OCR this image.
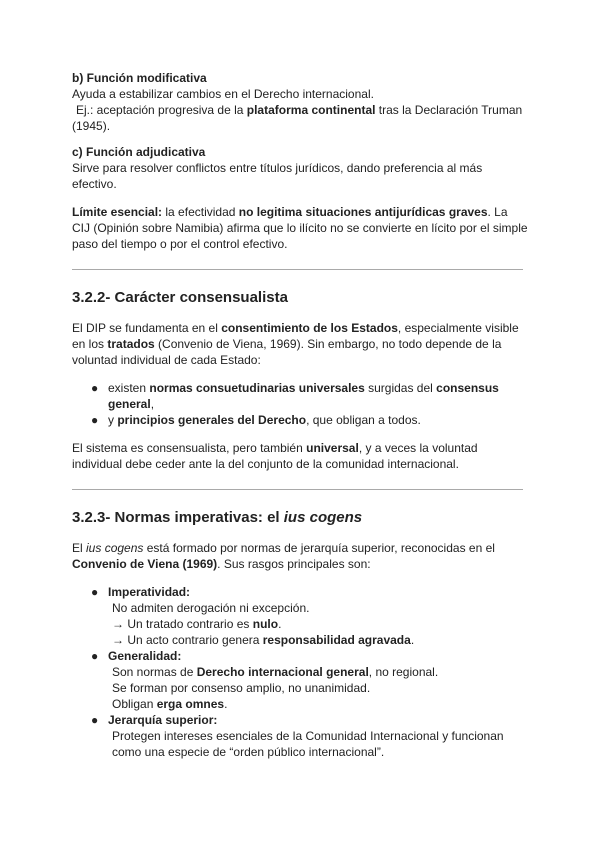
b) Función modificativa
Ayuda a estabilizar cambios en el Derecho internacional.
Ej.: aceptación progresiva de la plataforma continental tras la Declaración Truman
(1945).
c) Función adjudicativa
Sirve para resolver conflictos entre títulos jurídicos, dando preferencia al más efectivo.
Límite esencial: la efectividad no legitima situaciones antijurídicas graves. La CIJ (Opinión sobre Namibia) afirma que lo ilícito no se convierte en lícito por el simple paso del tiempo o por el control efectivo.
3.2.2- Carácter consensualista
El DIP se fundamenta en el consentimiento de los Estados, especialmente visible en los tratados (Convenio de Viena, 1969). Sin embargo, no todo depende de la voluntad individual de cada Estado:
● existen normas consuetudinarias universales surgidas del consensus general,
● y principios generales del Derecho, que obligan a todos.
El sistema es consensualista, pero también universal, y a veces la voluntad individual debe ceder ante la del conjunto de la comunidad internacional.
3.2.3- Normas imperativas: el ius cogens
El ius cogens está formado por normas de jerarquía superior, reconocidas en el Convenio de Viena (1969). Sus rasgos principales son:
● Imperatividad:
No admiten derogación ni excepción.
→ Un tratado contrario es nulo.
→ Un acto contrario genera responsabilidad agravada.
● Generalidad:
Son normas de Derecho internacional general, no regional.
Se forman por consenso amplio, no unanimidad.
Obligan erga omnes.
● Jerarquía superior:
Protegen intereses esenciales de la Comunidad Internacional y funcionan como una especie de “orden público internacional”.
